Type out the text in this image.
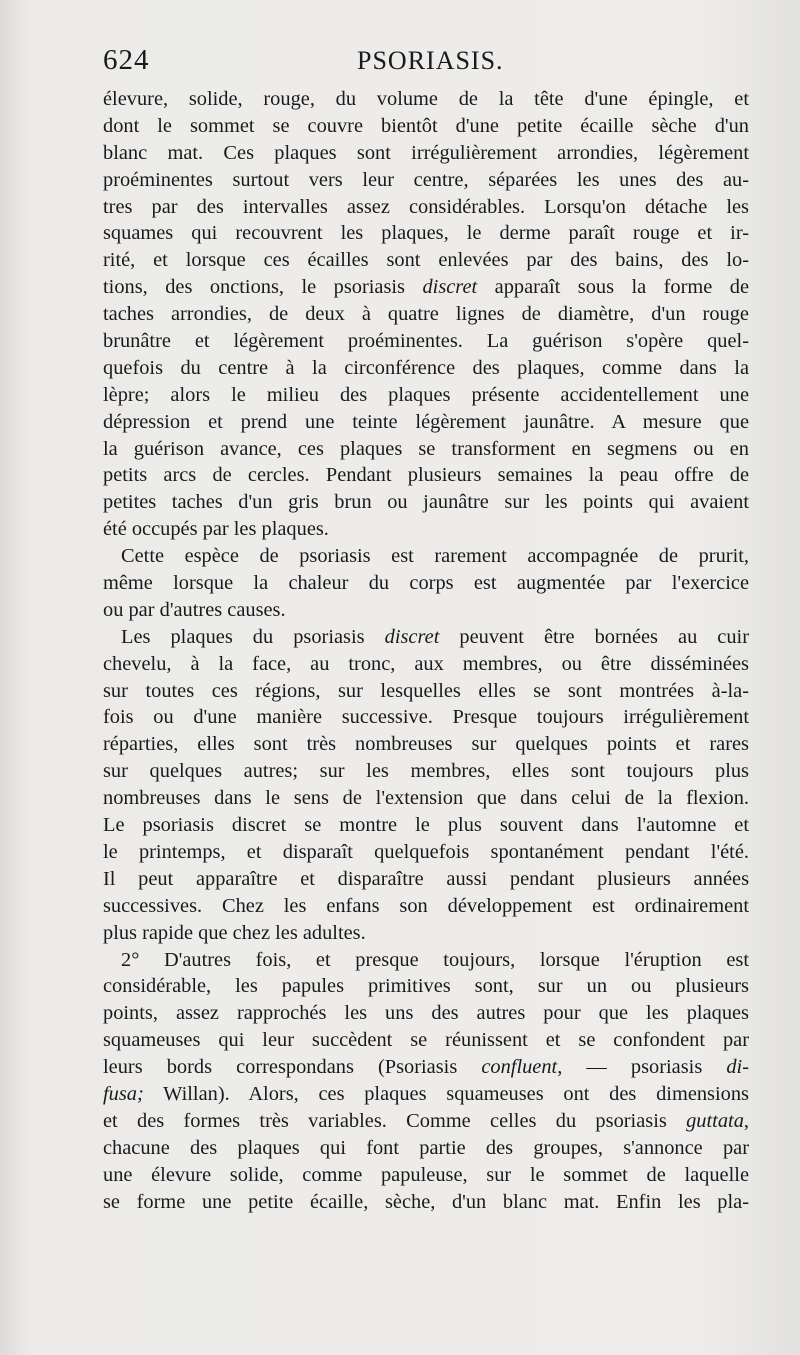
624	PSORIASIS.
élevure, solide, rouge, du volume de la tête d'une épingle, et
dont le sommet se couvre bientôt d'une petite écaille sèche d'un
blanc mat. Ces plaques sont irrégulièrement arrondies, légèrement
proéminentes surtout vers leur centre, séparées les unes des au-
tres par des intervalles assez considérables. Lorsqu'on détache les
squames qui recouvrent les plaques, le derme paraît rouge et ir-
rité, et lorsque ces écailles sont enlevées par des bains, des lo-
tions, des onctions, le psoriasis discret apparaît sous la forme de
taches arrondies, de deux à quatre lignes de diamètre, d'un rouge
brunâtre et légèrement proéminentes. La guérison s'opère quel-
quefois du centre à la circonférence des plaques, comme dans la
lèpre; alors le milieu des plaques présente accidentellement une
dépression et prend une teinte légèrement jaunâtre. A mesure que
la guérison avance, ces plaques se transforment en segmens ou en
petits arcs de cercles. Pendant plusieurs semaines la peau offre de
petites taches d'un gris brun ou jaunâtre sur les points qui avaient
été occupés par les plaques.
Cette espèce de psoriasis est rarement accompagnée de prurit,
même lorsque la chaleur du corps est augmentée par l'exercice
ou par d'autres causes.
Les plaques du psoriasis discret peuvent être bornées au cuir
chevelu, à la face, au tronc, aux membres, ou être disséminées
sur toutes ces régions, sur lesquelles elles se sont montrées à-la-
fois ou d'une manière successive. Presque toujours irrégulièrement
réparties, elles sont très nombreuses sur quelques points et rares
sur quelques autres; sur les membres, elles sont toujours plus
nombreuses dans le sens de l'extension que dans celui de la flexion.
Le psoriasis discret se montre le plus souvent dans l'automne et
le printemps, et disparaît quelquefois spontanément pendant l'été.
Il peut apparaître et disparaître aussi pendant plusieurs années
successives. Chez les enfans son développement est ordinairement
plus rapide que chez les adultes.
2° D'autres fois, et presque toujours, lorsque l'éruption est
considérable, les papules primitives sont, sur un ou plusieurs
points, assez rapprochés les uns des autres pour que les plaques
squameuses qui leur succèdent se réunissent et se confondent par
leurs bords correspondans (Psoriasis confluent, — psoriasis di-
fusa; Willan). Alors, ces plaques squameuses ont des dimensions
et des formes très variables. Comme celles du psoriasis guttata,
chacune des plaques qui font partie des groupes, s'annonce par
une élevure solide, comme papuleuse, sur le sommet de laquelle
se forme une petite écaille, sèche, d'un blanc mat. Enfin les pla-
